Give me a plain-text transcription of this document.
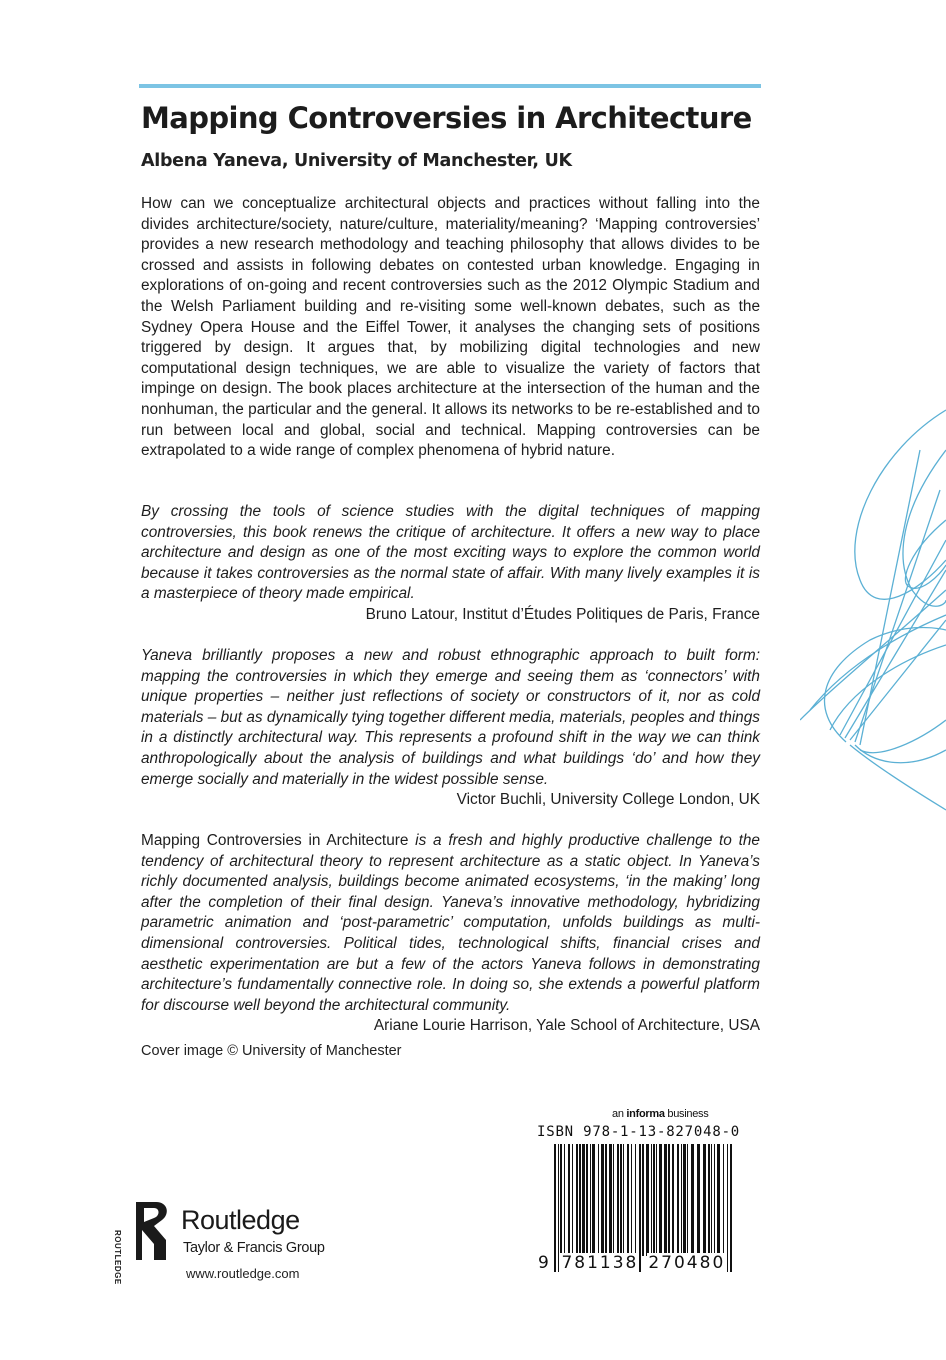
Mapping Controversies in Architecture
Albena Yaneva, University of Manchester, UK

How can we conceptualize architectural objects and practices without falling into the divides architecture/society, nature/culture, materiality/meaning? ‘Mapping controversies’ provides a new research methodology and teaching philosophy that allows divides to be crossed and assists in following debates on contested urban knowledge. Engaging in explorations of on-going and recent controversies such as the 2012 Olympic Stadium and the Welsh Parliament building and re-visiting some well-known debates, such as the Sydney Opera House and the Eiffel Tower, it analyses the changing sets of positions triggered by design. It argues that, by mobilizing digital technologies and new computational design techniques, we are able to visualize the variety of factors that impinge on design. The book places architecture at the intersection of the human and the nonhuman, the particular and the general. It allows its networks to be re-established and to run between local and global, social and technical. Mapping controversies can be extrapolated to a wide range of complex phenomena of hybrid nature.

By crossing the tools of science studies with the digital techniques of mapping controversies, this book renews the critique of architecture. It offers a new way to place architecture and design as one of the most exciting ways to explore the common world because it takes controversies as the normal state of affair. With many lively examples it is a masterpiece of theory made empirical.

Bruno Latour, Institut d’Études Politiques de Paris, France

Yaneva brilliantly proposes a new and robust ethnographic approach to built form: mapping the controversies in which they emerge and seeing them as ‘connectors’ with unique properties – neither just reflections of society or constructors of it, nor as cold materials – but as dynamically tying together different media, materials, peoples and things in a distinctly architectural way. This represents a profound shift in the way we can think anthropologically about the analysis of buildings and what buildings ‘do’ and how they emerge socially and materially in the widest possible sense.

Victor Buchli, University College London, UK

Mapping Controversies in Architecture is a fresh and highly productive challenge to the tendency of architectural theory to represent architecture as a static object. In Yaneva’s richly documented analysis, buildings become animated ecosystems, ‘in the making’ long after the completion of their final design. Yaneva’s innovative methodology, hybridizing parametric animation and ‘post-parametric’ computation, unfolds buildings as multi-dimensional controversies. Political tides, technological shifts, financial crises and aesthetic experimentation are but a few of the actors Yaneva follows in demonstrating architecture’s fundamentally connective role. In doing so, she extends a powerful platform for discourse well beyond the architectural community.

Ariane Lourie Harrison, Yale School of Architecture, USA

Cover image © University of Manchester
an informa business
ISBN 978-1-13-827048-0
9 781138 270480
ROUTLEDGE
Routledge
Taylor & Francis Group
www.routledge.com
